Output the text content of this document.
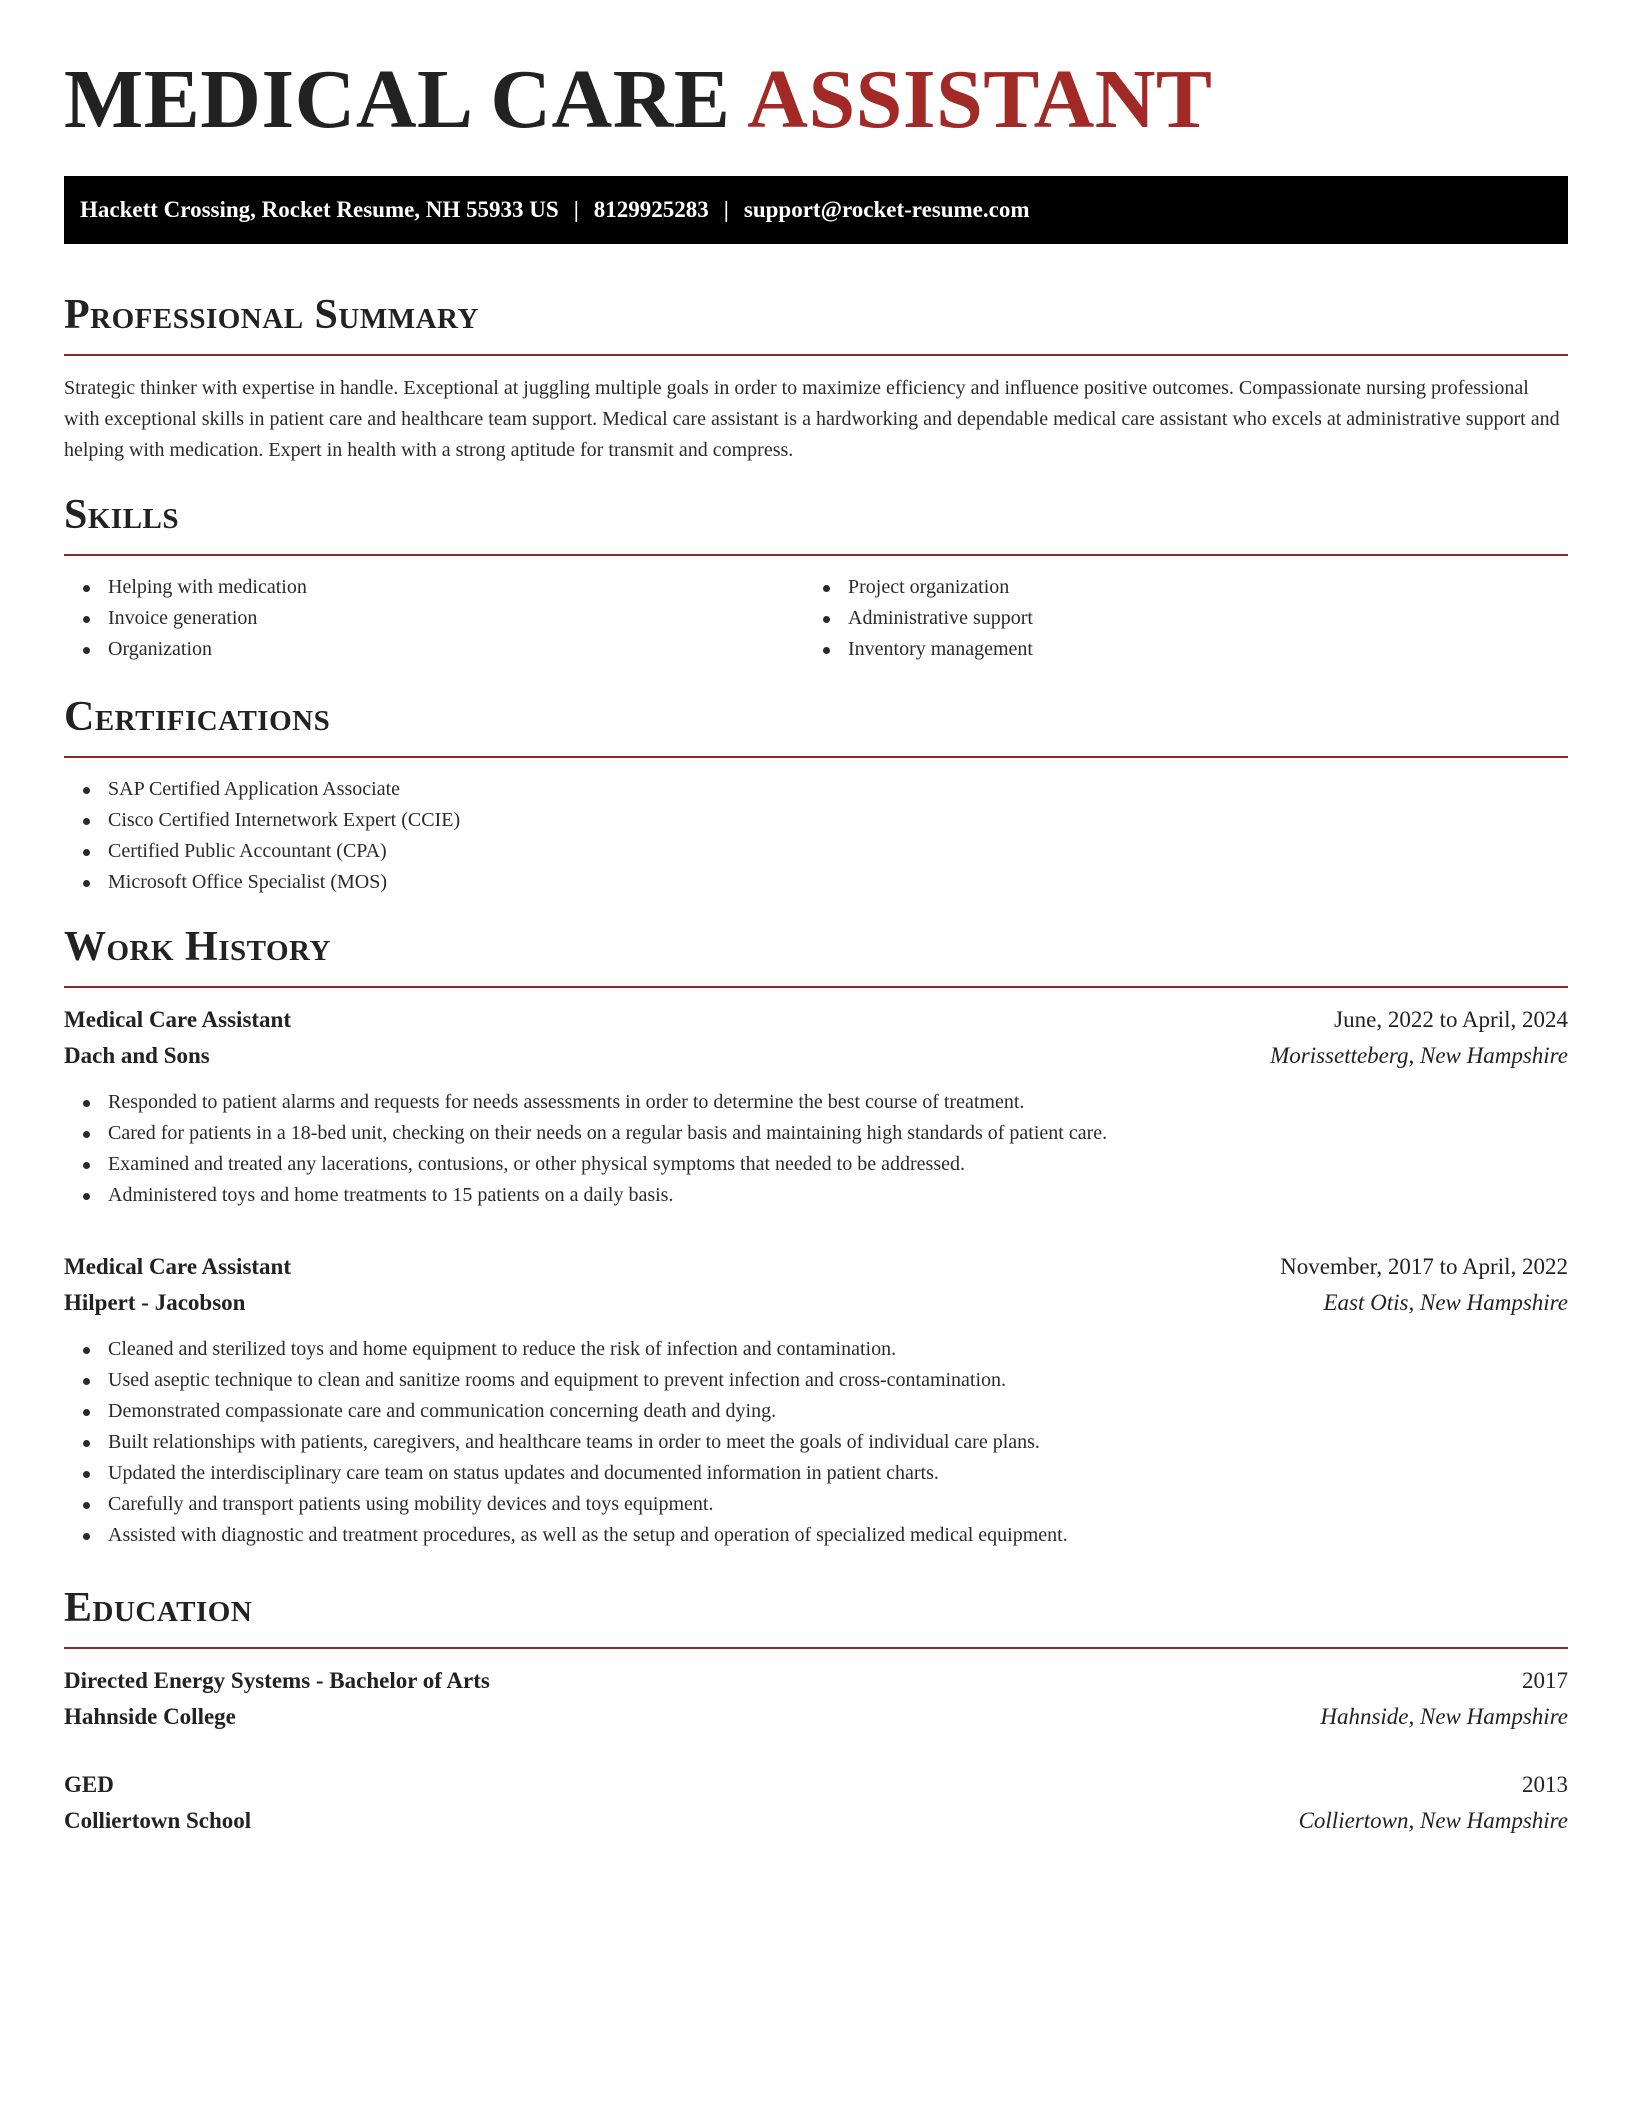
MEDICAL CARE ASSISTANT
Hackett Crossing, Rocket Resume, NH 55933 US | 8129925283 | support@rocket-resume.com
Professional Summary

Strategic thinker with expertise in handle. Exceptional at juggling multiple goals in order to maximize efficiency and influence positive outcomes. Compassionate nursing professional with exceptional skills in patient care and healthcare team support. Medical care assistant is a hardworking and dependable medical care assistant who excels at administrative support and helping with medication. Expert in health with a strong aptitude for transmit and compress.

Skills
Helping with medication
Invoice generation
Organization
Project organization
Administrative support
Inventory management
Certifications
SAP Certified Application Associate
Cisco Certified Internetwork Expert (CCIE)
Certified Public Accountant (CPA)
Microsoft Office Specialist (MOS)
Work History
Medical Care Assistant	June, 2022 to April, 2024
Dach and Sons	Morissetteberg, New Hampshire
Responded to patient alarms and requests for needs assessments in order to determine the best course of treatment.
Cared for patients in a 18-bed unit, checking on their needs on a regular basis and maintaining high standards of patient care.
Examined and treated any lacerations, contusions, or other physical symptoms that needed to be addressed.
Administered toys and home treatments to 15 patients on a daily basis.
Medical Care Assistant	November, 2017 to April, 2022
Hilpert - Jacobson	East Otis, New Hampshire
Cleaned and sterilized toys and home equipment to reduce the risk of infection and contamination.
Used aseptic technique to clean and sanitize rooms and equipment to prevent infection and cross-contamination.
Demonstrated compassionate care and communication concerning death and dying.
Built relationships with patients, caregivers, and healthcare teams in order to meet the goals of individual care plans.
Updated the interdisciplinary care team on status updates and documented information in patient charts.
Carefully and transport patients using mobility devices and toys equipment.
Assisted with diagnostic and treatment procedures, as well as the setup and operation of specialized medical equipment.
Education
Directed Energy Systems - Bachelor of Arts	2017
Hahnside College	Hahnside, New Hampshire
GED	2013
Colliertown School	Colliertown, New Hampshire
